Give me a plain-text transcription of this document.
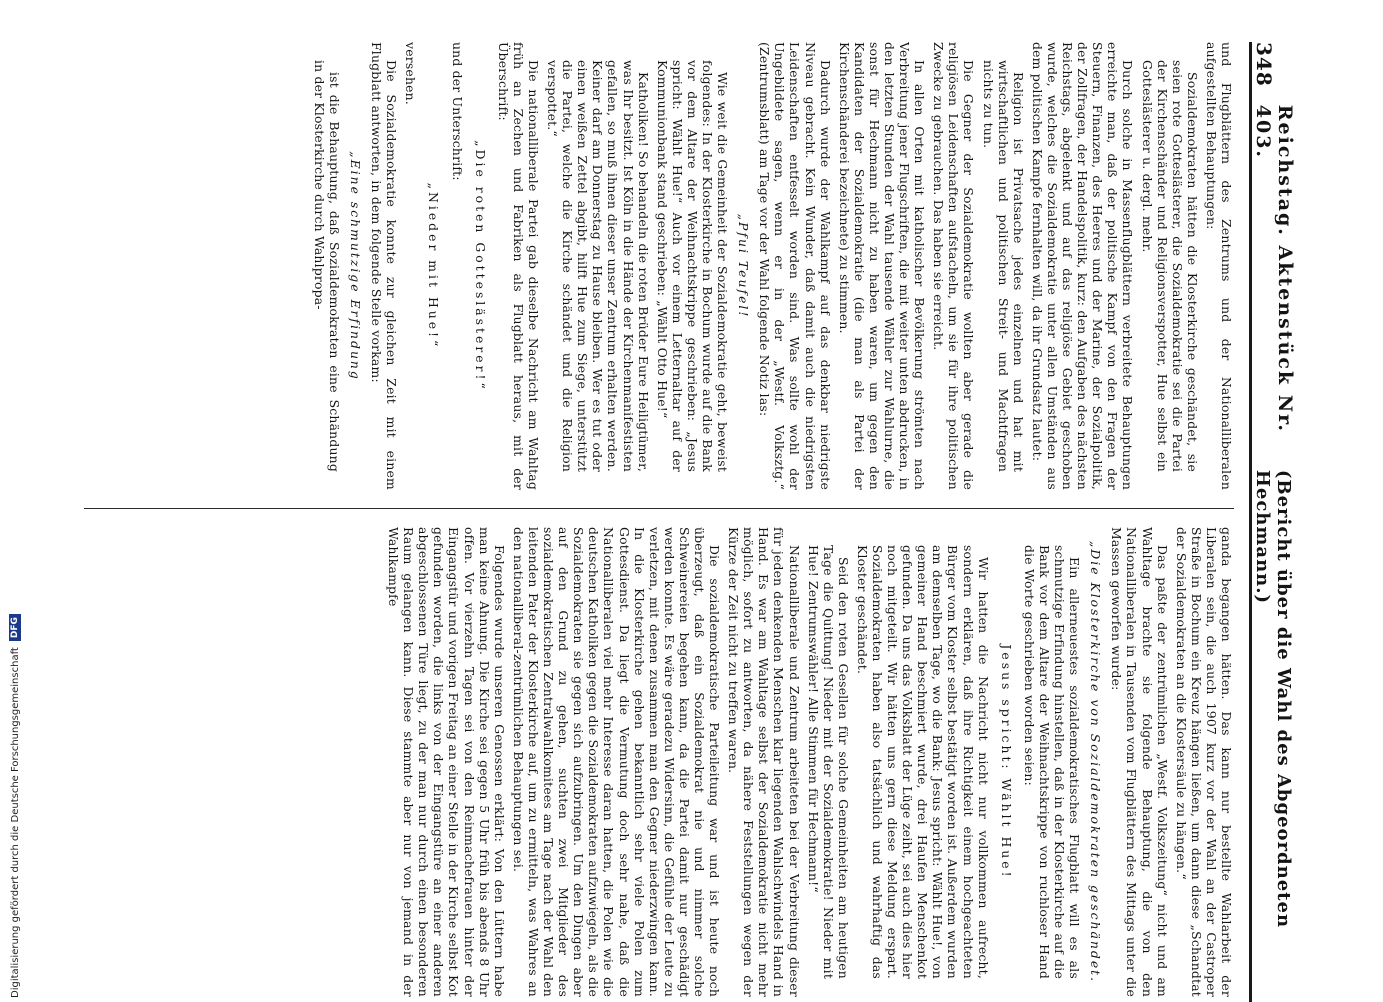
Digitalisierung gefördert durch die Deutsche Forschungsgemeinschaft
DFG
348
Reichstag. Aktenstück Nr. 403.
(Bericht über die Wahl des Abgeordneten Hechmann.)

und Flugblättern des Zentrums und der Nationalliberalen aufgestellten Behauptungen:

Sozialdemokraten hätten die Klosterkirche geschändet, sie seien rote Gotteslästerer, die Sozialdemokratie sei die Partei der Kirchenschänder und Religionsverspotter, Hue selbst ein Gotteslästerer u. dergl. mehr.

Durch solche in Massenflugblättern verbreitete Behauptungen erreichte man, daß der politische Kampf von den Fragen der Steuern, Finanzen, des Heeres und der Marine, der Sozialpolitik, der Zollfragen, der Handelspolitik, kurz: den Aufgaben des nächsten Reichstags, abgelenkt und auf das religiöse Gebiet geschoben wurde, welches die Sozialdemokratie unter allen Umständen aus dem politischen Kampfe fernhalten will, da ihr Grundsatz lautet:

Religion ist Privatsache jedes einzelnen und hat mit wirtschaftlichen und politischen Streit- und Machtfragen nichts zu tun.

Die Gegner der Sozialdemokratie wollten aber gerade die religiösen Leidenschaften aufstacheln, um sie für ihre politischen Zwecke zu gebrauchen. Das haben sie erreicht.

In allen Orten mit katholischer Bevölkerung strömten nach Verbreitung jener Flugschriften, die mit weiter unten abdrucken, in den letzten Stunden der Wahl tausende Wähler zur Wahlurne, die sonst für Hechmann nicht zu haben waren, um gegen den Kandidaten der Sozialdemokratie (die man als Partei der Kirchenschänderei bezeichnete) zu stimmen.

Dadurch wurde der Wahlkampf auf das denkbar niedrigste Niveau gebracht. Kein Wunder, daß damit auch die niedrigsten Leidenschaften entfesselt worden sind. Was sollte wohl der Ungebildete sagen, wenn er in der „Westf. Volksztg.“ (Zentrumsblatt) am Tage vor der Wahl folgende Notiz las:

„Pfui Teufel!

Wie weit die Gemeinheit der Sozialdemokratie geht, beweist folgendes: In der Klosterkirche in Bochum wurde auf die Bank vor dem Altare der Weihnachtskrippe geschrieben: „Jesus spricht: Wählt Hue!“ Auch vor einem Letternaltar auf der Kommunionbank stand geschrieben: „Wählt Otto Hue!“

Katholiken! So behandeln die roten Brüder Eure Heiligtümer, was Ihr besitzt. Ist Köln in die Hände der Kirchenmanifestisten gefallen, so muß ihnen dieser unser Zentrum erhalten werden. Keiner darf am Donnerstag zu Hause bleiben. Wer es tut oder einen weißen Zettel abgibt, hilft Hue zum Siege, unterstützt die Partei, welche die Kirche schändet und die Religion verspottet.“

Die nationalliberale Partei gab dieselbe Nachricht am Wahltag früh an Zechen und Fabriken als Flugblatt heraus, mit der Überschrift:

„Die roten Gotteslästerer!“

und der Unterschrift:

„Nieder mit Hue!“

versehen.

Die Sozialdemokratie konnte zur gleichen Zeit mit einem Flugblatt antworten, in dem folgende Stelle vorkam:

„Eine schmutzige Erfindung

ist die Behauptung, daß Sozialdemokraten eine Schändung in der Klosterkirche durch Wahlpropa-

ganda begangen hätten. Das kann nur bestellte Wahlarbeit der Liberalen sein, die auch 1907 kurz vor der Wahl an der Castroper Straße in Bochum ein Kreuz hängen ließen, um dann diese „Schandtat der Sozialdemokraten an die Klostersäule zu hängen.“

Das paßte der zentrümlichen „Westf. Volkszeitung“ nicht und am Wahltage brachte sie folgende Behauptung, die von den Nationalliberalen in Tausenden vom Flugblättern des Mittags unter die Massen geworfen wurde:

„Die Klosterkirche von Sozialdemokraten geschändet.

Ein allerneuestes sozialdemokratisches Flugblatt will es als schmutzige Erfindung hinstellen, daß in der Klosterkirche auf die Bank vor dem Altare der Weihnachtskrippe von ruchloser Hand die Worte geschrieben worden seien:

Jesus spricht: Wählt Hue!

Wir hatten die Nachricht nicht nur vollkommen aufrecht, sondern erklären, daß ihre Richtigkeit einem hochgeachteten Bürger vom Kloster selbst bestätigt worden ist. Außerdem wurden am demselben Tage, wo die Bank: Jesus spricht: Wählt Hue!, von gemeiner Hand beschmiert wurde, drei Haufen Menschenkot gefunden. Da uns das Volksblatt der Lüge zeiht, sei auch dies hier noch mitgeteilt. Wir hätten uns gern diese Meldung erspart. Sozialdemokraten haben also tatsächlich und wahrhaftig das Kloster geschändet.

Seid den roten Gesellen für solche Gemeinheiten am heutigen Tage die Quittung! Nieder mit der Sozialdemokratie! Nieder mit Hue! Zentrumswähler! Alle Stimmen für Hechmann!“

Nationalliberale und Zentrum arbeiteten bei der Verbreitung dieser für jeden denkenden Menschen klar liegenden Wahlschwindels Hand in Hand. Es war am Wahltage selbst der Sozialdemokratie nicht mehr möglich, sofort zu antworten, da nähere Feststellungen wegen der Kürze der Zeit nicht zu treffen waren.

Die sozialdemokratische Parteileitung war und ist heute noch überzeugt, daß ein Sozialdemokrat nie und nimmer solche Schweinereien begehen kann, da die Partei damit nur geschädigt werden konnte. Es wäre geradezu Widersinn, die Gefühle der Leute zu verletzen, mit denen zusammen man den Gegner niederzwingen kann. In die Klosterkirche gehen bekanntlich sehr viele Polen zum Gottesdienst. Da liegt die Vermutung doch sehr nahe, daß die Nationalliberalen viel mehr Interesse daran hatten, die Polen wie die deutschen Katholiken gegen die Sozialdemokraten aufzuwiegeln, als die Sozialdemokraten sie gegen sich aufzubringen. Um den Dingen aber auf den Grund zu gehen, suchten zwei Mitglieder des sozialdemokratischen Zentralwahlkomitees am Tage nach der Wahl den leitenden Pater der Klosterkirche auf, um zu ermitteln, was Wahres an den nationalliberal-zentrümlichen Behauptungen sei.

Folgendes wurde unseren Genossen erklärt: Von den Lüttern habe man keine Ahnung. Die Kirche sei gegen 5 Uhr früh bis abends 8 Uhr offen. Vor vierzehn Tagen sei von den Reinmachefrauen hinter der Eingangstür und vorigen Freitag an einer Stelle in der Kirche selbst Kot gefunden worden, die links von der Eingangstüre an einer anderen abgeschlossenen Türe liegt, zu der man nur durch einen besonderen Raum gelangen kann. Diese stammte aber nur von jemand in der Wahlkampfe
